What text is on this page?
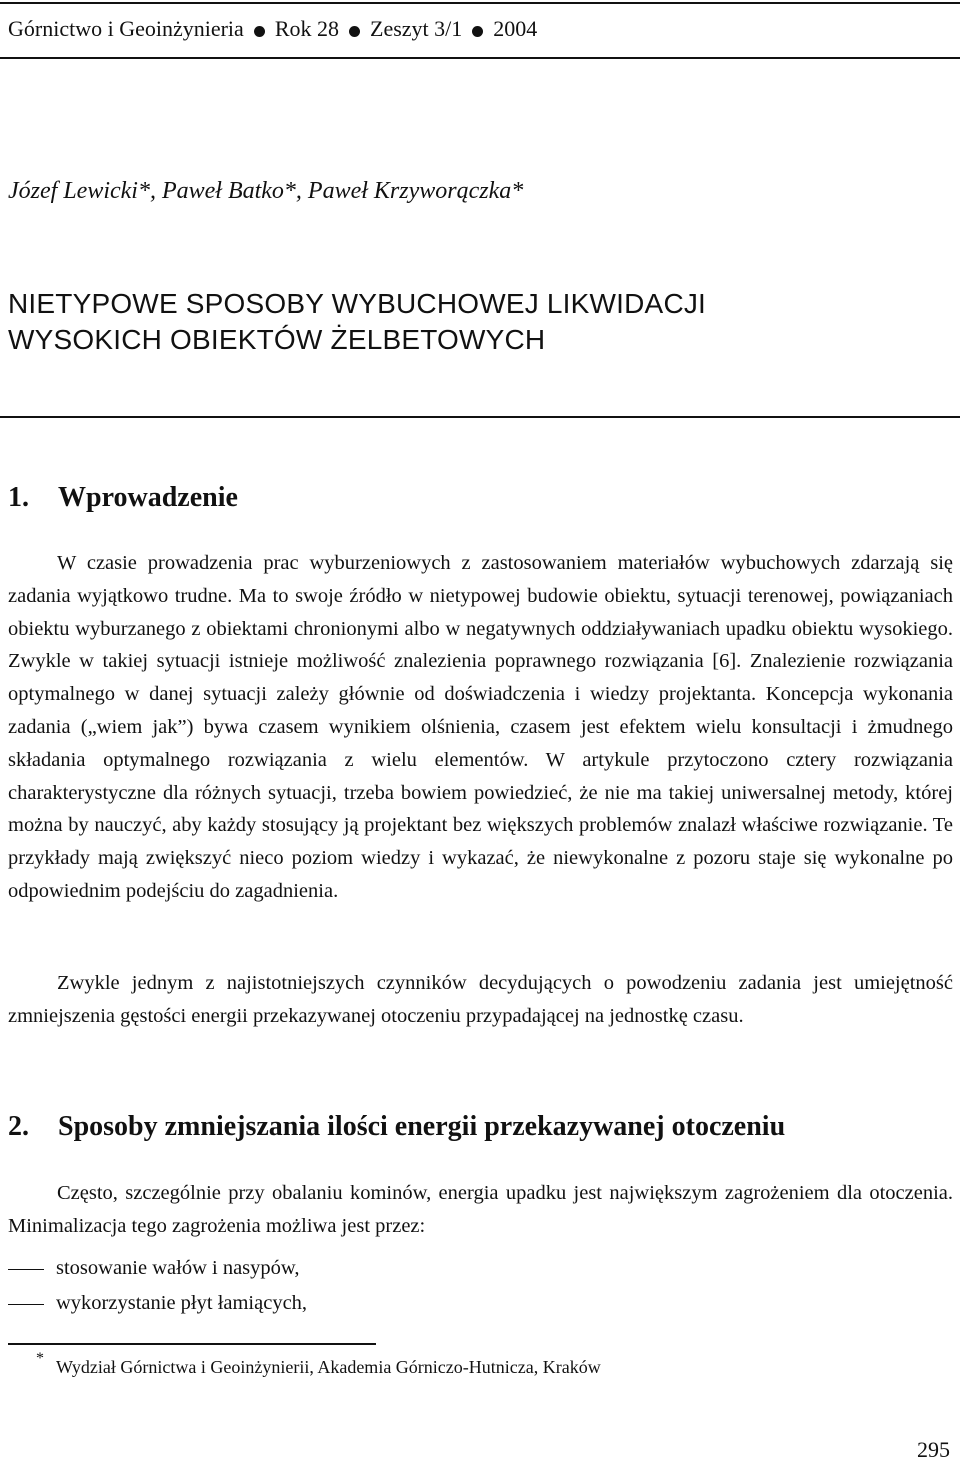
Górnictwo i Geoinżynieria Rok 28 Zeszyt 3/1 2004
Józef Lewicki*, Paweł Batko*, Paweł Krzyworączka*
NIETYPOWE SPOSOBY WYBUCHOWEJ LIKWIDACJI
WYSOKICH OBIEKTÓW ŻELBETOWYCH
1. Wprowadzenie

W czasie prowadzenia prac wyburzeniowych z zastosowaniem materiałów wybuchowych zdarzają się zadania wyjątkowo trudne. Ma to swoje źródło w nietypowej budowie obiektu, sytuacji terenowej, powiązaniach obiektu wyburzanego z obiektami chronionymi albo w negatywnych oddziaływaniach upadku obiektu wysokiego. Zwykle w takiej sytuacji istnieje możliwość znalezienia poprawnego rozwiązania [6]. Znalezienie rozwiązania optymalnego w danej sytuacji zależy głównie od doświadczenia i wiedzy projektanta. Koncepcja wykonania zadania („wiem jak”) bywa czasem wynikiem olśnienia, czasem jest efektem wielu konsultacji i żmudnego składania optymalnego rozwiązania z wielu elementów. W artykule przytoczono cztery rozwiązania charakterystyczne dla różnych sytuacji, trzeba bowiem powiedzieć, że nie ma takiej uniwersalnej metody, której można by nauczyć, aby każdy stosujący ją projektant bez większych problemów znalazł właściwe rozwiązanie. Te przykłady mają zwiększyć nieco poziom wiedzy i wykazać, że niewykonalne z pozoru staje się wykonalne po odpowiednim podejściu do zagadnienia.

Zwykle jednym z najistotniejszych czynników decydujących o powodzeniu zadania jest umiejętność zmniejszenia gęstości energii przekazywanej otoczeniu przypadającej na jednostkę czasu.

2. Sposoby zmniejszania ilości energii przekazywanej otoczeniu

Często, szczególnie przy obalaniu kominów, energia upadku jest największym zagrożeniem dla otoczenia. Minimalizacja tego zagrożenia możliwa jest przez:

stosowanie wałów i nasypów,
wykorzystanie płyt łamiących,
* Wydział Górnictwa i Geoinżynierii, Akademia Górniczo-Hutnicza, Kraków
295
